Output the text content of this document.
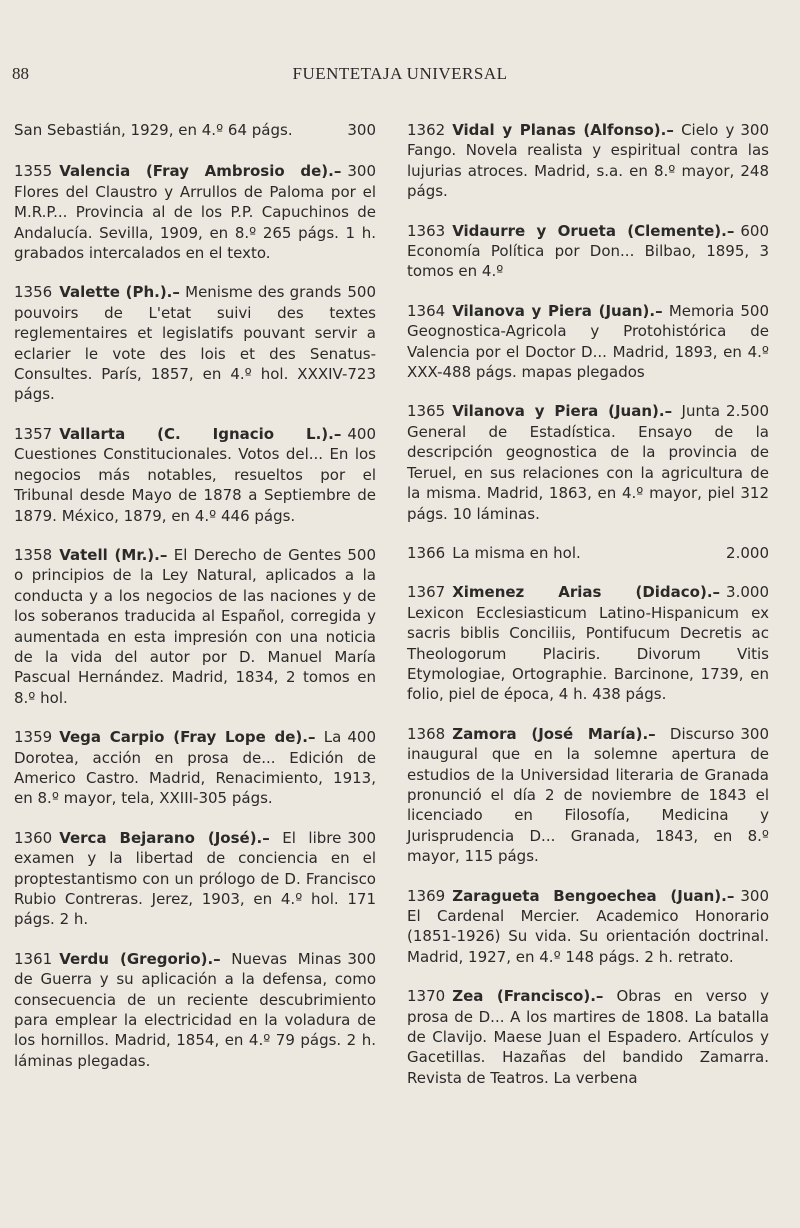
88	FUENTETAJA UNIVERSAL

300
San Sebastián, 1929, en 4.º 64 págs.

300
1355 Valencia (Fray Ambrosio de).– Flores del Claustro y Arrullos de Paloma por el M.R.P... Provincia al de los P.P. Capuchinos de Andalucía. Sevilla, 1909, en 8.º 265 págs. 1 h. grabados intercalados en el texto.

500
1356 Valette (Ph.).– Menisme des grands pouvoirs de L'etat suivi des textes reglementaires et legislatifs pouvant servir a eclarier le vote des lois et des Senatus-Consultes. París, 1857, en 4.º hol. XXXIV-723 págs.

400
1357 Vallarta (C. Ignacio L.).– Cuestiones Constitucionales. Votos del... En los negocios más notables, resueltos por el Tribunal desde Mayo de 1878 a Septiembre de 1879. México, 1879, en 4.º 446 págs.

500
1358 Vatell (Mr.).– El Derecho de Gentes o principios de la Ley Natural, aplicados a la conducta y a los negocios de las naciones y de los soberanos traducida al Español, corregida y aumentada en esta impresión con una noticia de la vida del autor por D. Manuel María Pascual Hernández. Madrid, 1834, 2 tomos en 8.º hol.

400
1359 Vega Carpio (Fray Lope de).– La Dorotea, acción en prosa de... Edición de Americo Castro. Madrid, Renacimiento, 1913, en 8.º mayor, tela, XXIII-305 págs.

300
1360 Verca Bejarano (José).– El libre examen y la libertad de conciencia en el proptestantismo con un prólogo de D. Francisco Rubio Contreras. Jerez, 1903, en 4.º hol. 171 págs. 2 h.

300
1361 Verdu (Gregorio).– Nuevas Minas de Guerra y su aplicación a la defensa, como consecuencia de un reciente descubrimiento para emplear la electricidad en la voladura de los hornillos. Madrid, 1854, en 4.º 79 págs. 2 h. láminas plegadas.

300
1362 Vidal y Planas (Alfonso).– Cielo y Fango. Novela realista y espiritual contra las lujurias atroces. Madrid, s.a. en 8.º mayor, 248 págs.

600
1363 Vidaurre y Orueta (Clemente).– Economía Política por Don... Bilbao, 1895, 3 tomos en 4.º

500
1364 Vilanova y Piera (Juan).– Memoria Geognostica-Agricola y Protohistórica de Valencia por el Doctor D... Madrid, 1893, en 4.º XXX-488 págs. mapas plegados

2.500
1365 Vilanova y Piera (Juan).– Junta General de Estadística. Ensayo de la descripción geognostica de la provincia de Teruel, en sus relaciones con la agricultura de la misma. Madrid, 1863, en 4.º mayor, piel 312 págs. 10 láminas.

2.000
1366 La misma en hol.

3.000
1367 Ximenez Arias (Didaco).– Lexicon Ecclesiasticum Latino-Hispanicum ex sacris biblis Conciliis, Pontifucum Decretis ac Theologorum Placiris. Divorum Vitis Etymologiae, Ortographie. Barcinone, 1739, en folio, piel de época, 4 h. 438 págs.

300
1368 Zamora (José María).– Discurso inaugural que en la solemne apertura de estudios de la Universidad literaria de Granada pronunció el día 2 de noviembre de 1843 el licenciado en Filosofía, Medicina y Jurisprudencia D... Granada, 1843, en 8.º mayor, 115 págs.

300
1369 Zaragueta Bengoechea (Juan).– El Cardenal Mercier. Academico Honorario (1851-1926) Su vida. Su orientación doctrinal. Madrid, 1927, en 4.º 148 págs. 2 h. retrato.

1370 Zea (Francisco).– Obras en verso y prosa de D... A los martires de 1808. La batalla de Clavijo. Maese Juan el Espadero. Artículos y Gacetillas. Hazañas del bandido Zamarra. Revista de Teatros. La verbena
